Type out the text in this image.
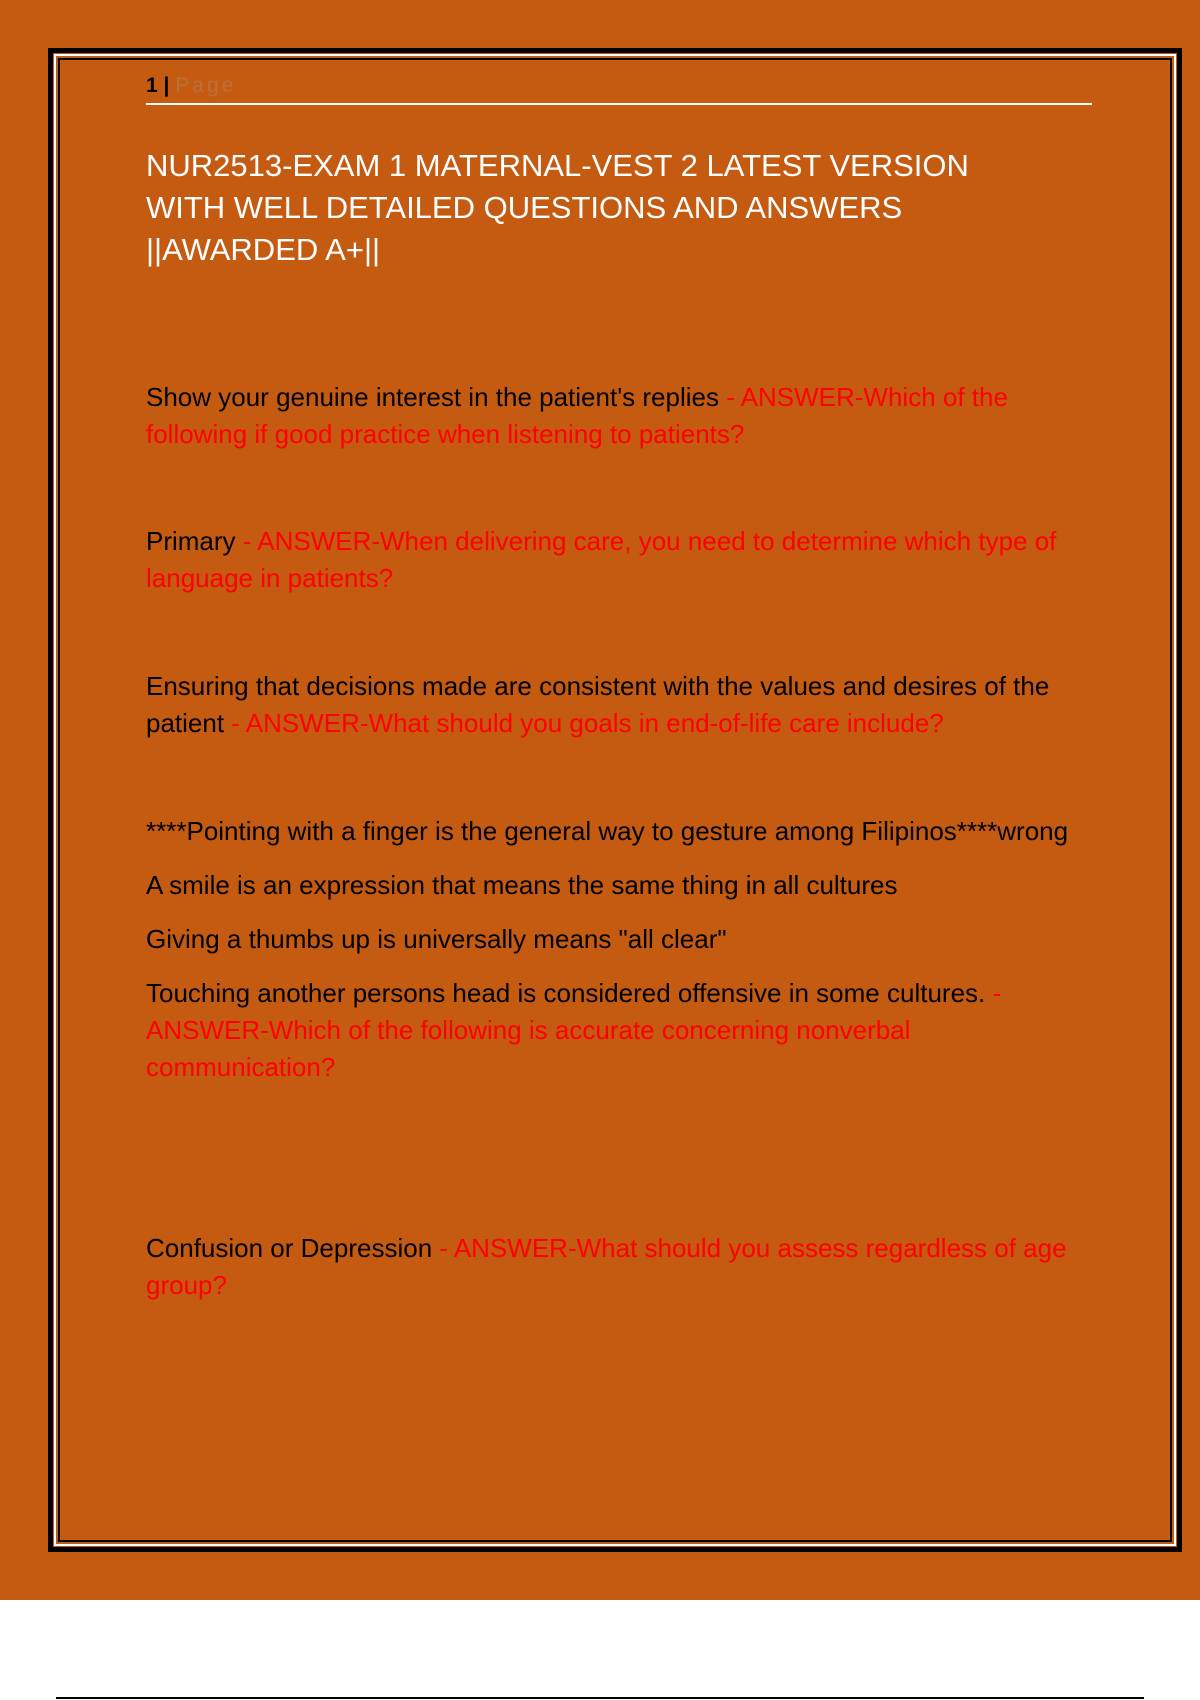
1 | Page
NUR2513-EXAM 1 MATERNAL-VEST 2 LATEST VERSION
WITH WELL DETAILED QUESTIONS AND ANSWERS
||AWARDED A+||

Show your genuine interest in the patient's replies - ANSWER-Which of the following if good practice when listening to patients?

Primary - ANSWER-When delivering care, you need to determine which type of language in patients?

Ensuring that decisions made are consistent with the values and desires of the patient - ANSWER-What should you goals in end-of-life care include?

****Pointing with a finger is the general way to gesture among Filipinos****wrong

A smile is an expression that means the same thing in all cultures

Giving a thumbs up is universally means "all clear"

Touching another persons head is considered offensive in some cultures. - ANSWER-Which of the following is accurate concerning nonverbal communication?

Confusion or Depression - ANSWER-What should you assess regardless of age group?
